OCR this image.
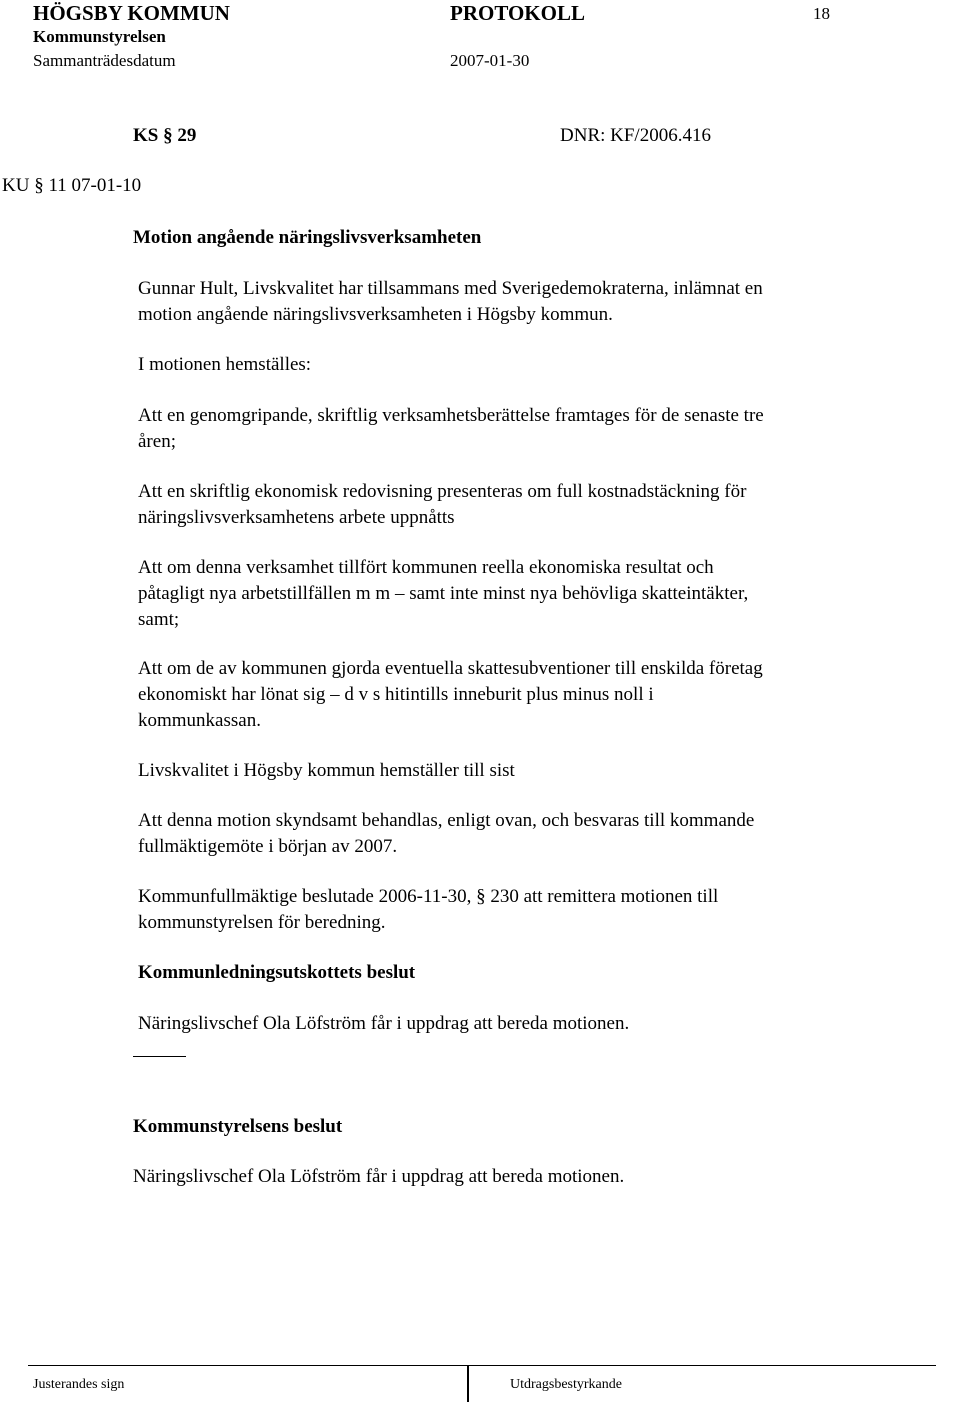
HÖGSBY KOMMUN	PROTOKOLL	18
Kommunstyrelsen
Sammanträdesdatum	2007-01-30
KS § 29	DNR: KF/2006.416
KU § 11 07-01-10
Motion angående näringslivsverksamheten
Gunnar Hult, Livskvalitet har tillsammans med Sverigedemokraterna, inlämnat en
motion angående näringslivsverksamheten i Högsby kommun.
I motionen hemställes:
Att en genomgripande, skriftlig verksamhetsberättelse framtages för de senaste tre
åren;
Att en skriftlig ekonomisk redovisning presenteras om full kostnadstäckning för
näringslivsverksamhetens arbete uppnåtts
Att om denna verksamhet tillfört kommunen reella ekonomiska resultat och
påtagligt nya arbetstillfällen m m – samt inte minst nya behövliga skatteintäkter,
samt;
Att om de av kommunen gjorda eventuella skattesubventioner till enskilda företag
ekonomiskt har lönat sig – d v s hitintills inneburit plus minus noll i
kommunkassan.
Livskvalitet i Högsby kommun hemställer till sist
Att denna motion skyndsamt behandlas, enligt ovan, och besvaras till kommande
fullmäktigemöte i början av 2007.
Kommunfullmäktige beslutade 2006-11-30, § 230 att remittera motionen till
kommunstyrelsen för beredning.
Kommunledningsutskottets beslut
Näringslivschef Ola Löfström får i uppdrag att bereda motionen.
Kommunstyrelsens beslut
Näringslivschef Ola Löfström får i uppdrag att bereda motionen.
Justerandes sign	Utdragsbestyrkande
